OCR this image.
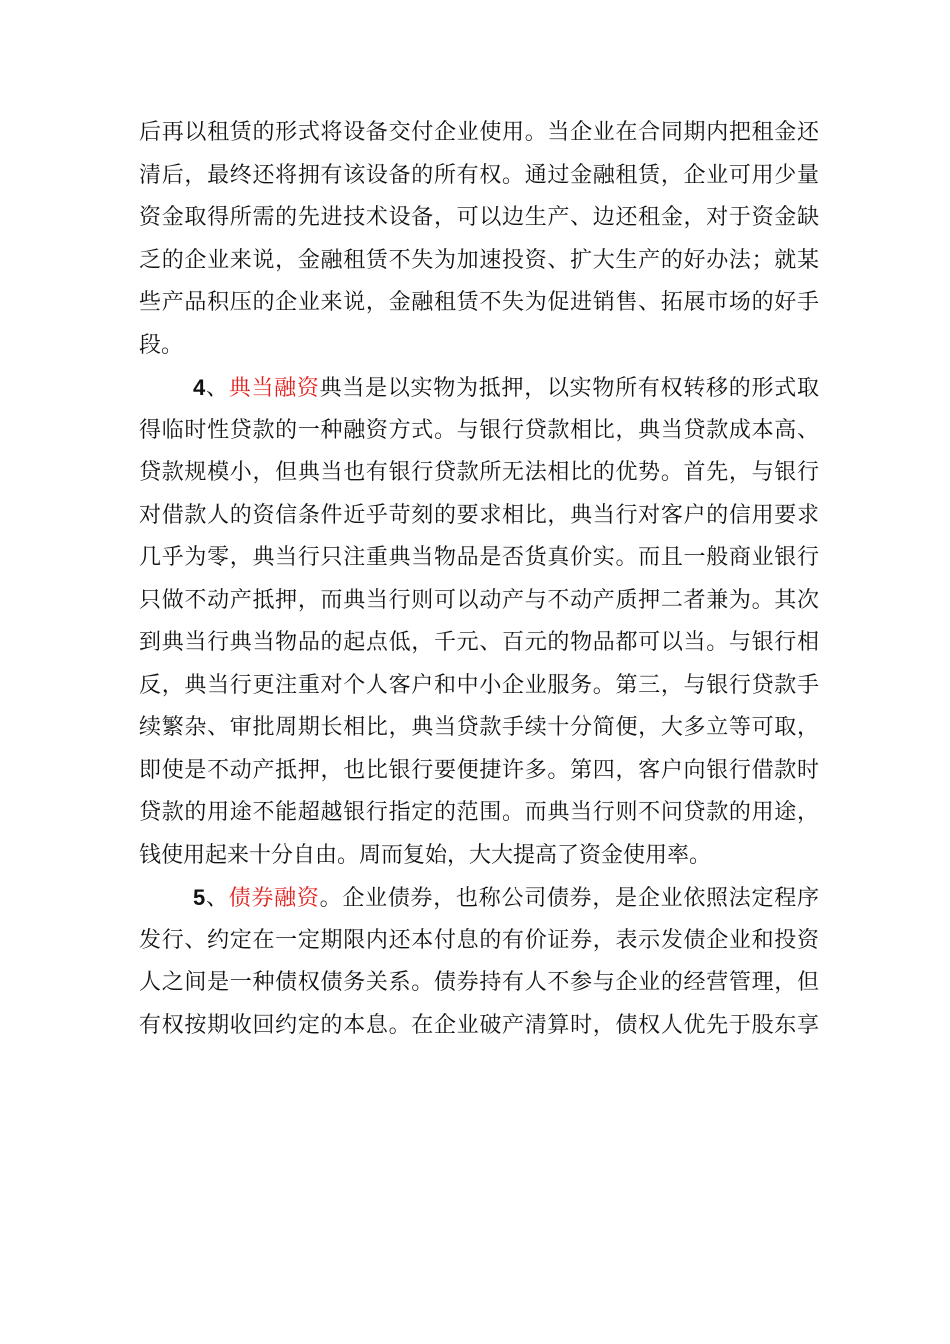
后再以租赁的形式将设备交付企业使用。当企业在合同期内把租金还
清后，最终还将拥有该设备的所有权。通过金融租赁，企业可用少量
资金取得所需的先进技术设备，可以边生产、边还租金，对于资金缺
乏的企业来说，金融租赁不失为加速投资、扩大生产的好办法；就某
些产品积压的企业来说，金融租赁不失为促进销售、拓展市场的好手
段。
4、典当融资典当是以实物为抵押，以实物所有权转移的形式取
得临时性贷款的一种融资方式。与银行贷款相比，典当贷款成本高、
贷款规模小，但典当也有银行贷款所无法相比的优势。首先，与银行
对借款人的资信条件近乎苛刻的要求相比，典当行对客户的信用要求
几乎为零，典当行只注重典当物品是否货真价实。而且一般商业银行
只做不动产抵押，而典当行则可以动产与不动产质押二者兼为。其次
到典当行典当物品的起点低，千元、百元的物品都可以当。与银行相
反，典当行更注重对个人客户和中小企业服务。第三，与银行贷款手
续繁杂、审批周期长相比，典当贷款手续十分简便，大多立等可取，
即使是不动产抵押，也比银行要便捷许多。第四，客户向银行借款时
贷款的用途不能超越银行指定的范围。而典当行则不问贷款的用途，
钱使用起来十分自由。周而复始，大大提高了资金使用率。
5、债券融资。企业债券，也称公司债券，是企业依照法定程序
发行、约定在一定期限内还本付息的有价证券，表示发债企业和投资
人之间是一种债权债务关系。债券持有人不参与企业的经营管理，但
有权按期收回约定的本息。在企业破产清算时，债权人优先于股东享
